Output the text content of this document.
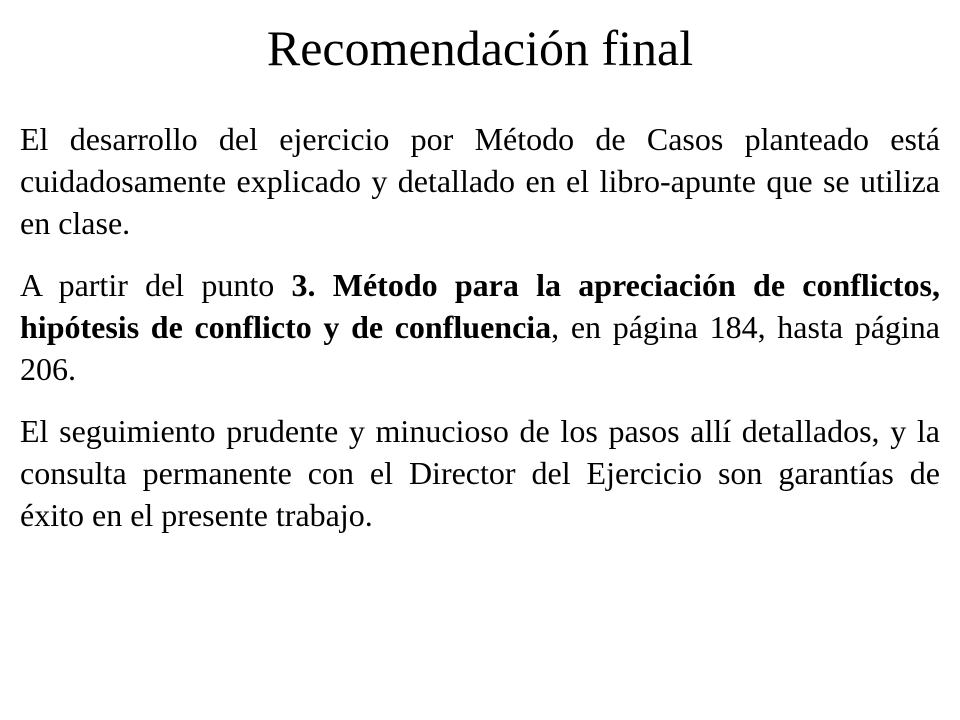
Recomendación final

El desarrollo del ejercicio por Método de Casos planteado está cuidadosamente explicado y detallado en el libro-apunte que se utiliza en clase.

A partir del punto 3. Método para la apreciación de conflictos, hipótesis de conflicto y de confluencia, en página 184, hasta página 206.

El seguimiento prudente y minucioso de los pasos allí detallados, y la consulta permanente con el Director del Ejercicio son garantías de éxito en el presente trabajo.
